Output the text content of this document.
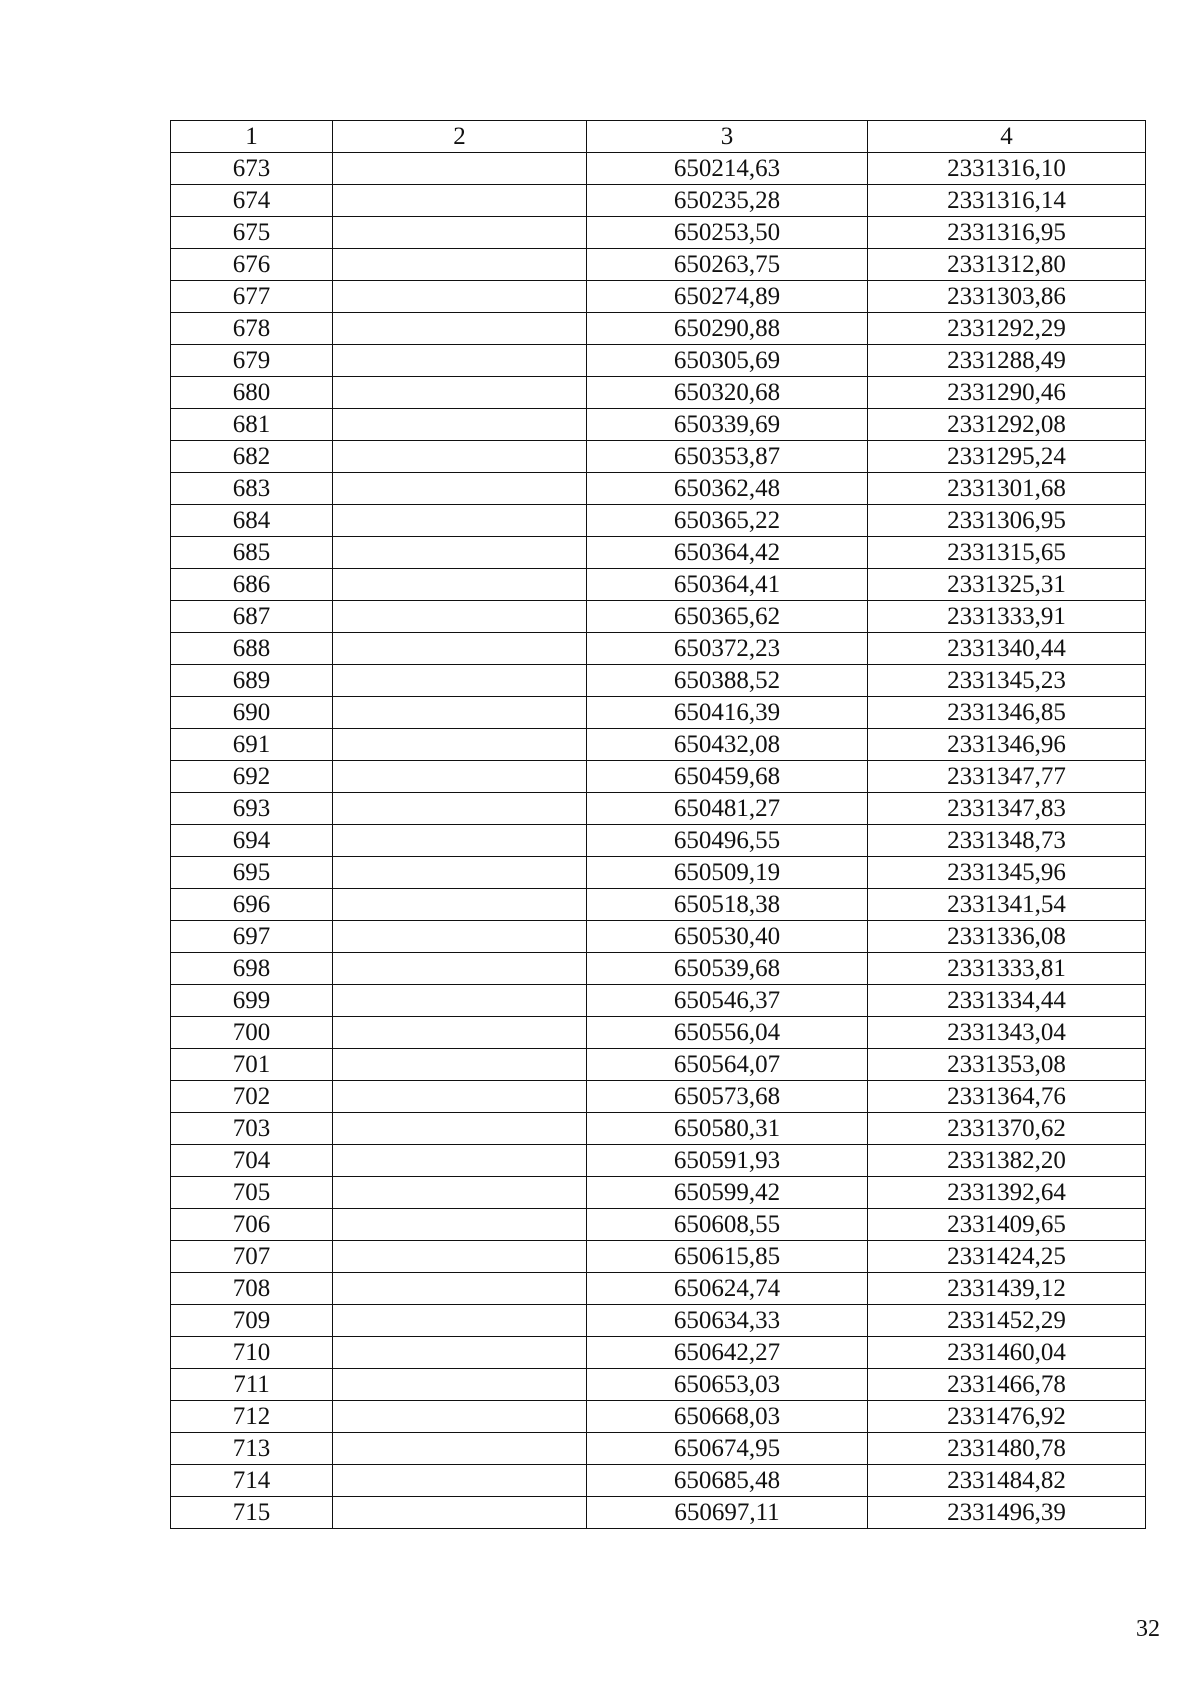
1	2	3	4
673		650214,63	2331316,10
674		650235,28	2331316,14
675		650253,50	2331316,95
676		650263,75	2331312,80
677		650274,89	2331303,86
678		650290,88	2331292,29
679		650305,69	2331288,49
680		650320,68	2331290,46
681		650339,69	2331292,08
682		650353,87	2331295,24
683		650362,48	2331301,68
684		650365,22	2331306,95
685		650364,42	2331315,65
686		650364,41	2331325,31
687		650365,62	2331333,91
688		650372,23	2331340,44
689		650388,52	2331345,23
690		650416,39	2331346,85
691		650432,08	2331346,96
692		650459,68	2331347,77
693		650481,27	2331347,83
694		650496,55	2331348,73
695		650509,19	2331345,96
696		650518,38	2331341,54
697		650530,40	2331336,08
698		650539,68	2331333,81
699		650546,37	2331334,44
700		650556,04	2331343,04
701		650564,07	2331353,08
702		650573,68	2331364,76
703		650580,31	2331370,62
704		650591,93	2331382,20
705		650599,42	2331392,64
706		650608,55	2331409,65
707		650615,85	2331424,25
708		650624,74	2331439,12
709		650634,33	2331452,29
710		650642,27	2331460,04
711		650653,03	2331466,78
712		650668,03	2331476,92
713		650674,95	2331480,78
714		650685,48	2331484,82
715		650697,11	2331496,39
32
